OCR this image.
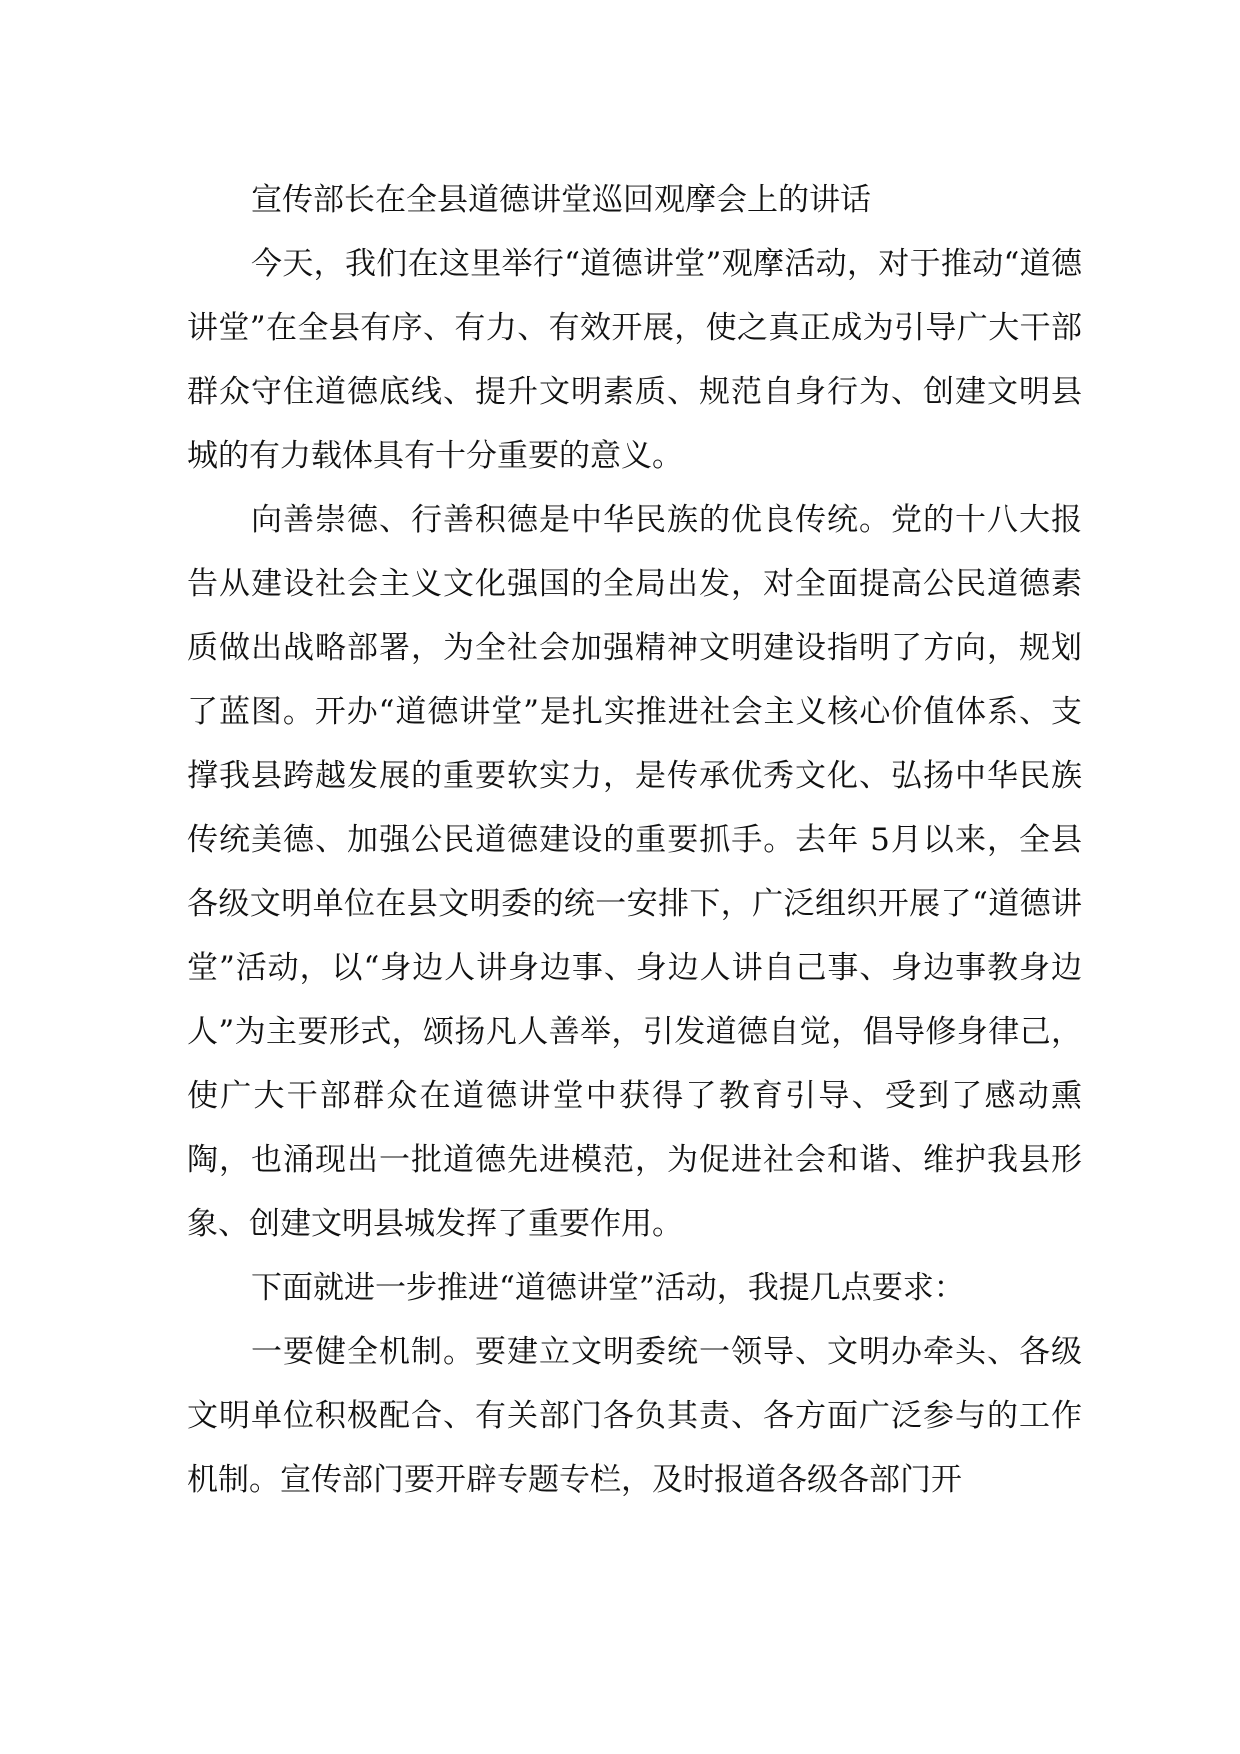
宣传部长在全县道德讲堂巡回观摩会上的讲话

今天，我们在这里举行“道德讲堂”观摩活动，对于推动“道德讲堂”在全县有序、有力、有效开展，使之真正成为引导广大干部群众守住道德底线、提升文明素质、规范自身行为、创建文明县城的有力载体具有十分重要的意义。

向善崇德、行善积德是中华民族的优良传统。党的十八大报告从建设社会主义文化强国的全局出发，对全面提高公民道德素质做出战略部署，为全社会加强精神文明建设指明了方向，规划了蓝图。开办“道德讲堂”是扎实推进社会主义核心价值体系、支撑我县跨越发展的重要软实力，是传承优秀文化、弘扬中华民族传统美德、加强公民道德建设的重要抓手。去年 5月以来，全县各级文明单位在县文明委的统一安排下，广泛组织开展了“道德讲堂”活动，以“身边人讲身边事、身边人讲自己事、身边事教身边人”为主要形式，颂扬凡人善举，引发道德自觉，倡导修身律己，使广大干部群众在道德讲堂中获得了教育引导、受到了感动熏陶，也涌现出一批道德先进模范，为促进社会和谐、维护我县形象、创建文明县城发挥了重要作用。

下面就进一步推进“道德讲堂”活动，我提几点要求：

一要健全机制。要建立文明委统一领导、文明办牵头、各级文明单位积极配合、有关部门各负其责、各方面广泛参与的工作机制。宣传部门要开辟专题专栏，及时报道各级各部门开
